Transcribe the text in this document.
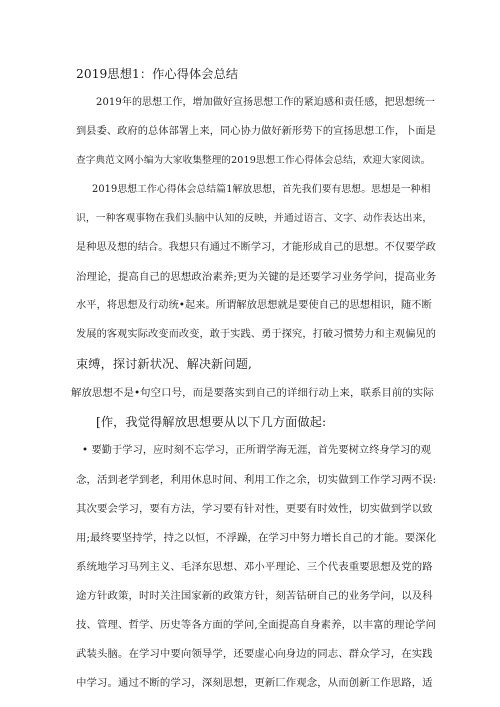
2019思想1：作心得体会总结
2019年的思想工作，增加做好宣扬思想工作的紧迫感和责任感，把思想统一
到县委、政府的总体部署上来，同心协力做好新形势下的宣扬思想工作，卜面是
查字典范文网小编为大家收集整理的2019思想工作心得体会总结，欢迎大家阅读。
2019思想工作心得体会总结篇1解放思想，首先我们要有思想。思想是一种相
识，一种客观事物在我们头脑中认知的反映，并通过语言、文字、动作表达出来，
是种思及想的结合。我想只有通过不断学习，才能形成自己的思想。不仅要学政
治理论，提高自己的思想政治素养;更为关键的是还要学习业务学问，提高业务
水平，将思想及行动统•起来。所谓解放思想就是要使自己的思想相识，随不断
发展的客观实际改变而改变，敢于实践、勇于探究，打破习惯势力和主观偏见的
束缚，探讨新状况、解决新问题,
解放思想不是•句空口号，而是要落实到自己的详细行动上来，联系目前的实际
[作，我觉得解放思想要从以下几方面做起:
• 要勤于学习，应时刻不忘学习，正所谓学海无涯，首先要树立终身学习的观
念，活到老学到老，利用休息时间、利用工作之余，切实做到工作学习两不误:
其次要会学习，要有方法，学习要有针对性，更要有时效性，切实做到学以致
用;最终要坚持学，持之以恒，不浮躁，在学习中努力增长自己的才能。要深化
系统地学习马列主义、毛泽东思想、邓小平理论、三个代表重要思想及党的路
途方针政策，时时关注国家新的政策方针，刻苦钻研自己的业务学问，以及科
技、管理、哲学、历史等各方面的学问,全面提高自身素养，以丰富的理论学问
武装头脑。在学习中要向领导学，还要虚心向身边的同志、群众学习，在实践
中学习。通过不断的学习，深刻思想，更新匚作观念，从而创新工作思路，适
